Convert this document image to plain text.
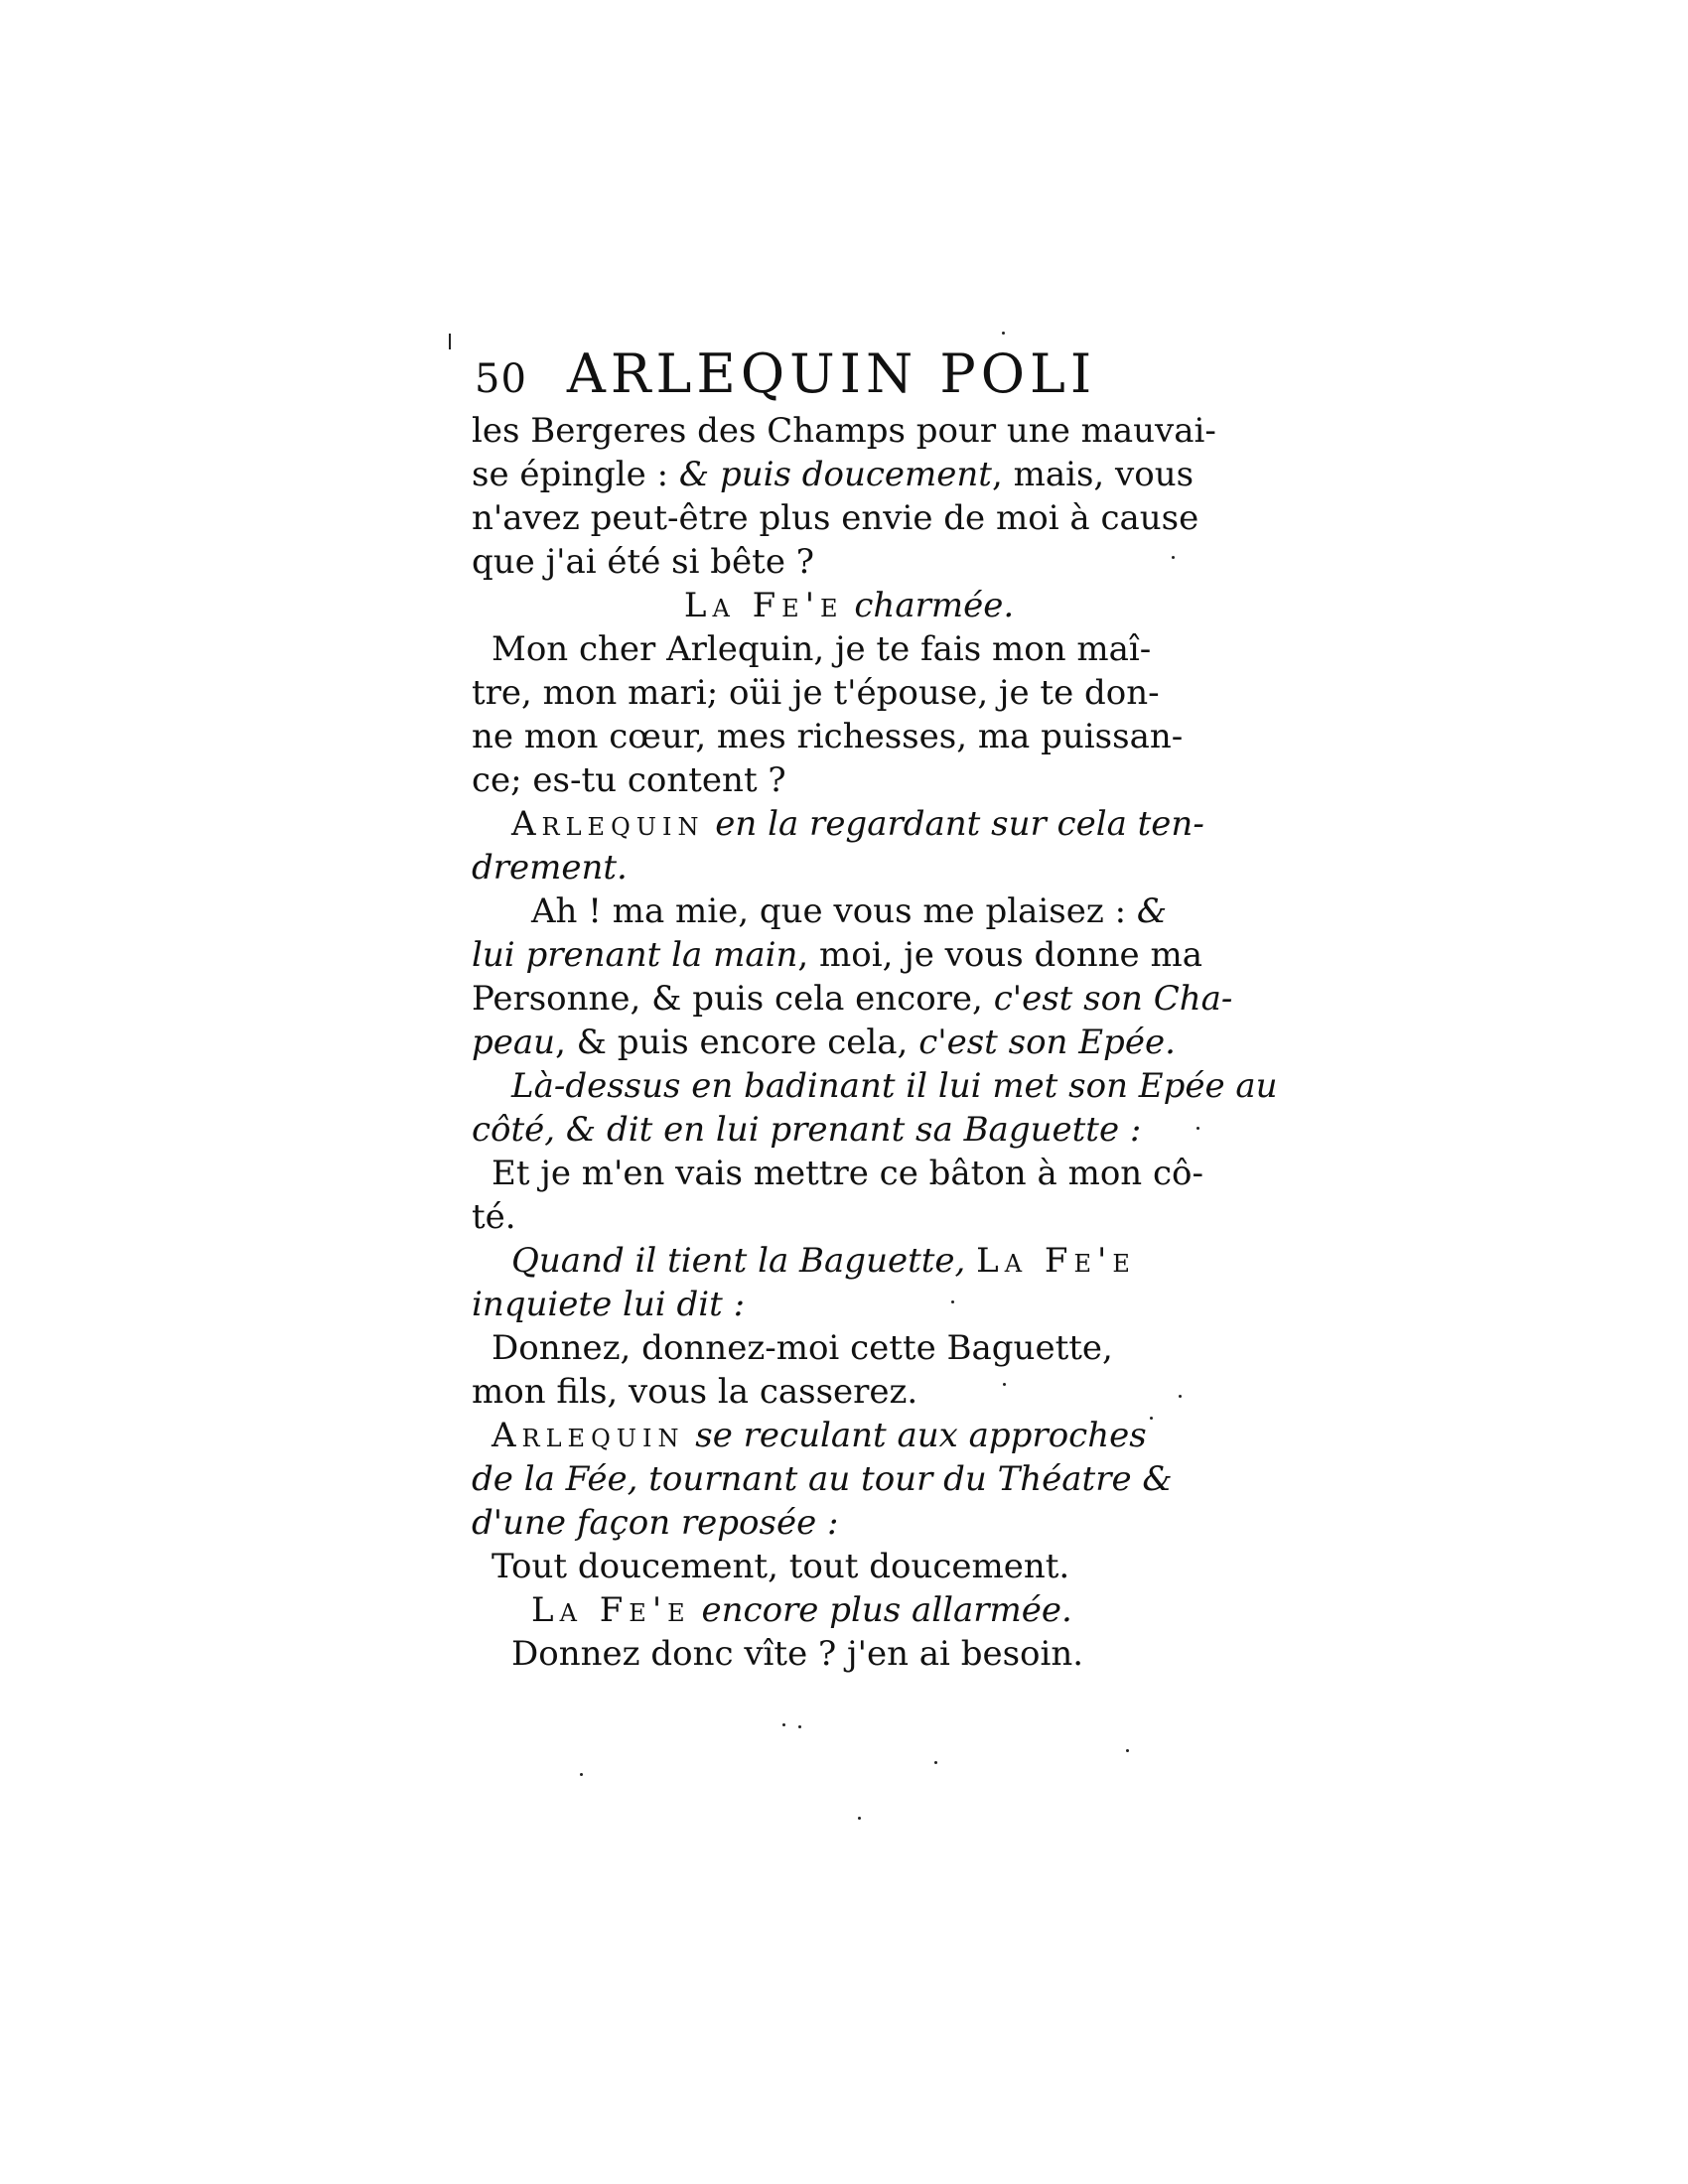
50 ARLEQUIN POLI
les Bergeres des Champs pour une mauvai-
se épingle : & puis doucement, mais, vous
n'avez peut-être plus envie de moi à cause
que j'ai été si bête ?
La Fe'e charmée.
Mon cher Arlequin, je te fais mon maî-
tre, mon mari; oüi je t'épouse, je te don-
ne mon cœur, mes richesses, ma puissan-
ce; es-tu content ?
Arlequin en la regardant sur cela ten-
drement.
Ah ! ma mie, que vous me plaisez : &
lui prenant la main, moi, je vous donne ma
Personne, & puis cela encore, c'est son Cha-
peau, & puis encore cela, c'est son Epée.
Là-dessus en badinant il lui met son Epée au
côté, & dit en lui prenant sa Baguette :
Et je m'en vais mettre ce bâton à mon cô-
té.
Quand il tient la Baguette, La Fe'e
inquiete lui dit :
Donnez, donnez-moi cette Baguette,
mon fils, vous la casserez.
Arlequin se reculant aux approches
de la Fée, tournant au tour du Théatre &
d'une façon reposée :
Tout doucement, tout doucement.
La Fe'e encore plus allarmée.
Donnez donc vîte ? j'en ai besoin.
